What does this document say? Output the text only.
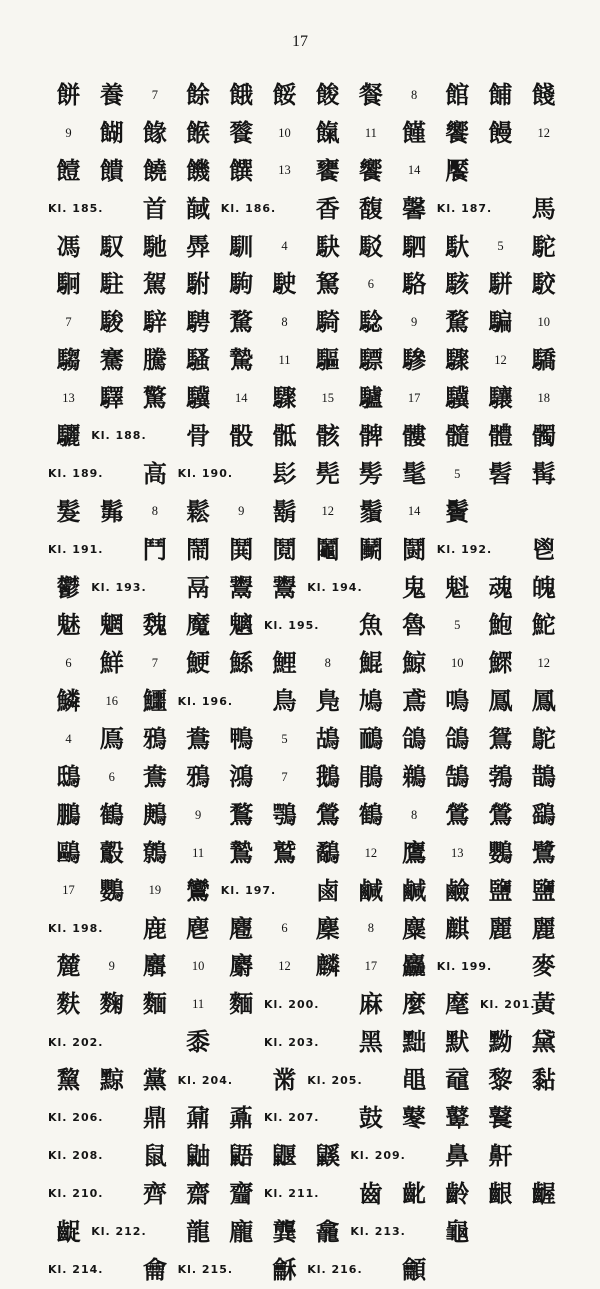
17
餅 養	7	餘 餓 餒 餕 餐	8	館 餔 餞
9	餬 餯 餱 餮	10	餼	11	饉 饗 饅	12
饐 饋 饒 饑 饌	13	饔 饗	14	饜
Kl. 185.	首 馘 Kl. 186.	香 馥 馨 Kl. 187.	馬
馮 馭 馳 馵 馴	4	駃 駁 駟 馱	5	駝
駉 駐 駕 駙 駒 駛 駑	6	駱 駭 駢 駮
7	駿 騂 騁 騖	8	騎 騐	9	騖 騙	10
騶 騫 騰 騷 騺	11	驅 驃 驂 驟	12	驕
13	驛 驚 驥	14	驟	15	驢	17	驥 驤	18
驪 Kl. 188.	骨 骰 骶 骸 髀 髏 髓 體 髑
Kl. 189.	高 Kl. 190.	髟 髡 髣 髦	5	髫 髯
髮 髴	8	鬆	9	鬍	12	鬚	14	鬢
Kl. 191.	鬥 鬧 鬨 鬩 鬮 鬭 鬪 Kl. 192.	鬯
鬱 Kl. 193.	鬲 鬻 鬻 Kl. 194.	鬼 魁 魂 魄
魅 魍 魏 魔 魑 Kl. 195.	魚 魯	5	鮑 鮀
6	鮮	7	鯁 鯀 鯉	8	鯤 鯨	10	鰥	12
鱗	16	鱷 Kl. 196.	鳥 鳬 鳩 鳶 鳴 鳳 鳳
4	鳫 鴉 鴦 鴨	5	鴣 鴯 鴿 鴿 鴛 鴕
鴟	6	鴦 鴉 鴻	7	鵝 鵑 鵜 鵠 鵓 鵲
鵬 鶴 鶊	9	鶩 鶚 鶯 鶴	8	鶯 鶯 鷂
鷗 鷇 鷯	11	鷙 鷲 鷸	12	鷹	13	鸚 鷺
17	鸚	19	鸞 Kl. 197.	鹵 鹹 鹹 鹼 鹽 鹽
Kl. 198.	鹿 麀 麅	6	麇	8	麋 麒 麗 麗
麓	9	麛	10	麝	12	麟	17	麤 Kl. 199.	麥
麩 麴 麵	11	麵 Kl. 200.	麻 麼 麾 Kl. 201.
黃
Kl. 202.	黍	Kl. 203.	黑 黜 默 黝 黛
黧 黥 黨 Kl. 204.	黹 Kl. 205.	黽 黿 黎 黏
Kl. 206.	鼎 鼐 鼒 Kl. 207.	鼓 鼕 鼙 鼚
Kl. 208.	鼠 鼬 鼯 鼴 鼷 Kl. 209.	鼻 鼾
Kl. 210.	齊 齋 齏 Kl. 211.	齒 齔 齡 齦 齷
齪 Kl. 212.	龍 龐 龔 龕 Kl. 213.	龜
Kl. 214.	龠 Kl. 215.	龢 Kl. 216.	龥
